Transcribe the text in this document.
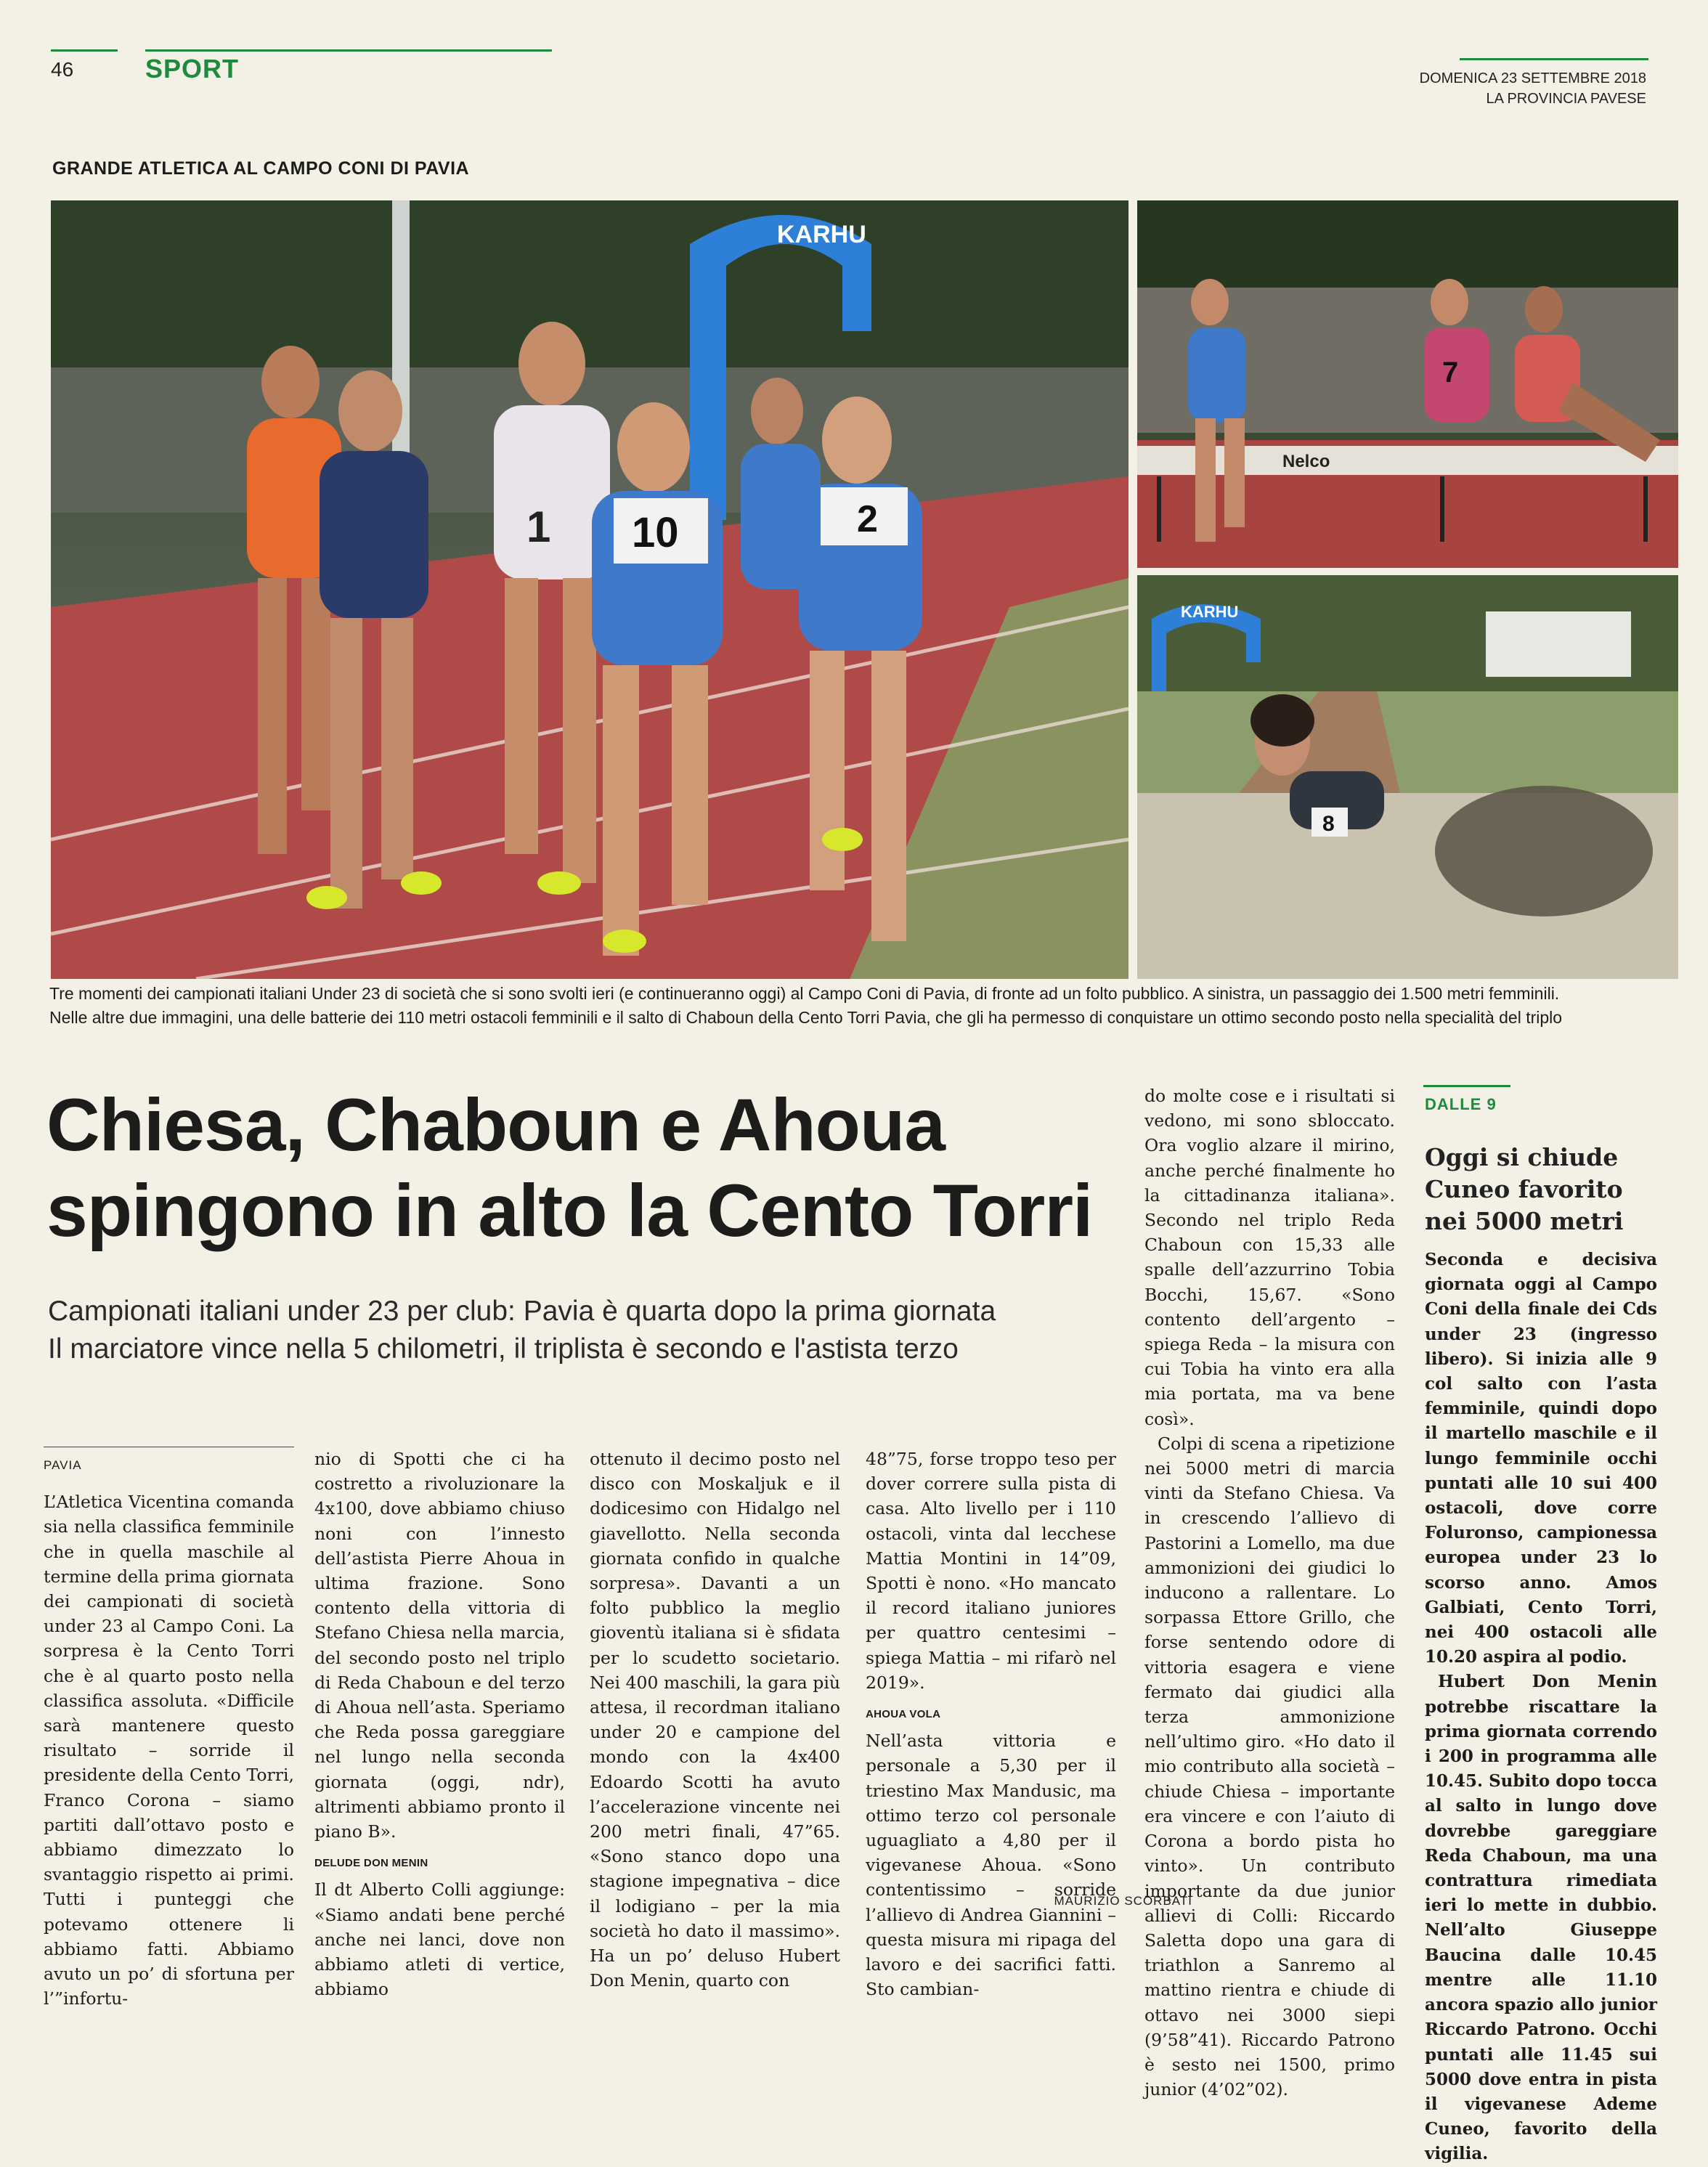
46	SPORT	DOMENICA 23 SETTEMBRE 2018
LA PROVINCIA PAVESE
GRANDE ATLETICA AL CAMPO CONI DI PAVIA
KARHU
1 10	2
Nelco
7
KARHU
8
Tre momenti dei campionati italiani Under 23 di società che si sono svolti ieri (e continueranno oggi) al Campo Coni di Pavia, di fronte ad un folto pubblico. A sinistra, un passaggio dei 1.500 metri femminili.
Nelle altre due immagini, una delle batterie dei 110 metri ostacoli femminili e il salto di Chaboun della Cento Torri Pavia, che gli ha permesso di conquistare un ottimo secondo posto nella specialità del triplo
Chiesa, Chaboun e Ahoua
spingono in alto la Cento Torri
Campionati italiani under 23 per club: Pavia è quarta dopo la prima giornata
Il marciatore vince nella 5 chilometri, il triplista è secondo e l'astista terzo
PAVIA

L’Atletica Vicentina comanda sia nella classifica femminile che in quella maschile al termine della prima giornata dei campionati di società under 23 al Campo Coni. La sorpresa è la Cento Torri che è al quarto posto nella classifica assoluta. «Difficile sarà mantenere questo risultato – sorride il presidente della Cento Torri, Franco Corona – siamo partiti dall’ottavo posto e abbiamo dimezzato lo svantaggio rispetto ai primi. Tutti i punteggi che potevamo ottenere li abbiamo fatti. Abbiamo avuto un po’ di sfortuna per l’”infortu-

nio di Spotti che ci ha costretto a rivoluzionare la 4x100, dove abbiamo chiuso noni con l’innesto dell’astista Pierre Ahoua in ultima frazione. Sono contento della vittoria di Stefano Chiesa nella marcia, del secondo posto nel triplo di Reda Chaboun e del terzo di Ahoua nell’asta. Speriamo che Reda possa gareggiare nel lungo nella seconda giornata (oggi, ndr), altrimenti abbiamo pronto il piano B».

DELUDE DON MENIN

Il dt Alberto Colli aggiunge: «Siamo andati bene perché anche nei lanci, dove non abbiamo atleti di vertice, abbiamo

ottenuto il decimo posto nel disco con Moskaljuk e il dodicesimo con Hidalgo nel giavellotto. Nella seconda giornata confido in qualche sorpresa». Davanti a un folto pubblico la meglio gioventù italiana si è sfidata per lo scudetto societario. Nei 400 maschili, la gara più attesa, il recordman italiano under 20 e campione del mondo con la 4x400 Edoardo Scotti ha avuto l’accelerazione vincente nei 200 metri finali, 47”65. «Sono stanco dopo una stagione impegnativa – dice il lodigiano – per la mia società ho dato il massimo». Ha un po’ deluso Hubert Don Menin, quarto con

48”75, forse troppo teso per dover correre sulla pista di casa. Alto livello per i 110 ostacoli, vinta dal lecchese Mattia Montini in 14”09, Spotti è nono. «Ho mancato il record italiano juniores per quattro centesimi – spiega Mattia – mi rifarò nel 2019».

AHOUA VOLA

Nell’asta vittoria e personale a 5,30 per il triestino Max Mandusic, ma ottimo terzo col personale uguagliato a 4,80 per il vigevanese Ahoua. «Sono contentissimo – sorride l’allievo di Andrea Giannini – questa misura mi ripaga del lavoro e dei sacrifici fatti. Sto cambian-

do molte cose e i risultati si vedono, mi sono sbloccato. Ora voglio alzare il mirino, anche perché finalmente ho la cittadinanza italiana». Secondo nel triplo Reda Chaboun con 15,33 alle spalle dell’azzurrino Tobia Bocchi, 15,67. «Sono contento dell’argento – spiega Reda – la misura con cui Tobia ha vinto era alla mia portata, ma va bene così».

Colpi di scena a ripetizione nei 5000 metri di marcia vinti da Stefano Chiesa. Va in crescendo l’allievo di Pastorini a Lomello, ma due ammonizioni dei giudici lo inducono a rallentare. Lo sorpassa Ettore Grillo, che forse sentendo odore di vittoria esagera e viene fermato dai giudici alla terza ammonizione nell’ultimo giro. «Ho dato il mio contributo alla società – chiude Chiesa – importante era vincere e con l’aiuto di Corona a bordo pista ho vinto». Un contributo importante da due junior allievi di Colli: Riccardo Saletta dopo una gara di triathlon a Sanremo al mattino rientra e chiude di ottavo nei 3000 siepi (9’58”41). Riccardo Patrono è sesto nei 1500, primo junior (4’02”02).

MAURIZIO SCORBATI
DALLE 9
Oggi si chiude Cuneo favorito nei 5000 metri

Seconda e decisiva giornata oggi al Campo Coni della finale dei Cds under 23 (ingresso libero). Si inizia alle 9 col salto con l’asta femminile, quindi dopo il martello maschile e il lungo femminile occhi puntati alle 10 sui 400 ostacoli, dove corre Foluronso, campionessa europea under 23 lo scorso anno. Amos Galbiati, Cento Torri, nei 400 ostacoli alle 10.20 aspira al podio.

Hubert Don Menin potrebbe riscattare la prima giornata correndo i 200 in programma alle 10.45. Subito dopo tocca al salto in lungo dove dovrebbe gareggiare Reda Chaboun, ma una contrattura rimediata ieri lo mette in dubbio. Nell’alto Giuseppe Baucina dalle 10.45 mentre alle 11.10 ancora spazio allo junior Riccardo Patrono. Occhi puntati alle 11.45 sui 5000 dove entra in pista il vigevanese Ademe Cuneo, favorito della vigilia.
